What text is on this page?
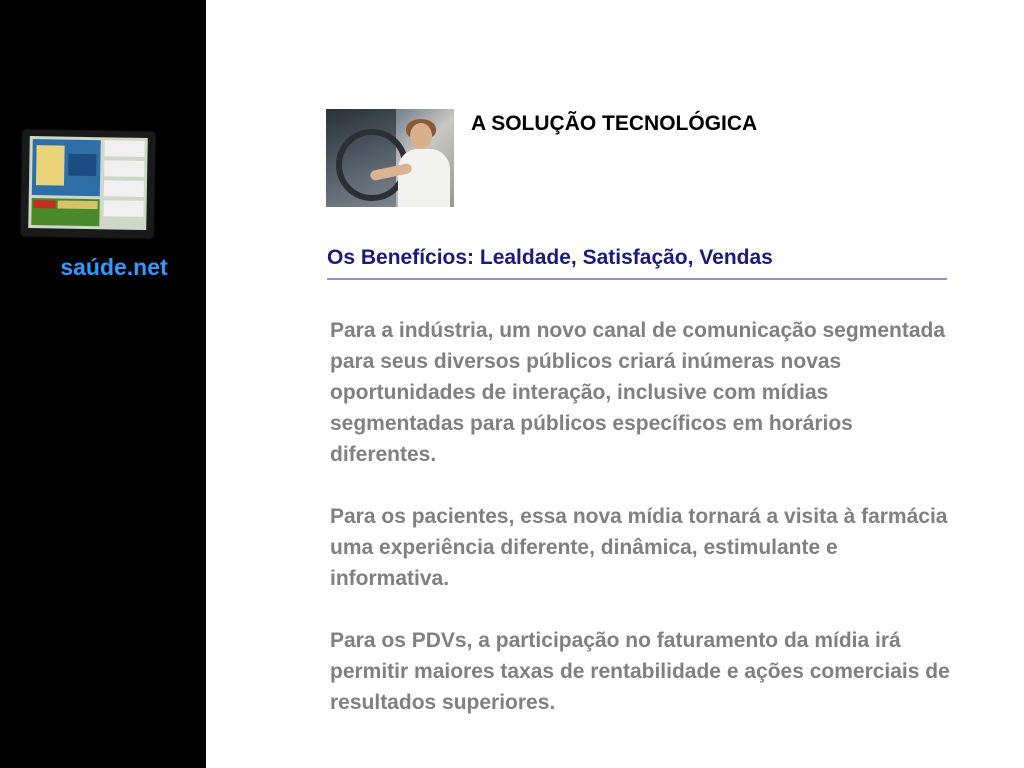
saúde.net
A SOLUÇÃO TECNOLÓGICA
Os Benefícios: Lealdade, Satisfação, Vendas

Para a indústria, um novo canal de comunicação segmentada para seus diversos públicos criará inúmeras novas oportunidades de interação, inclusive com mídias segmentadas para públicos específicos em horários diferentes.

Para os pacientes, essa nova mídia tornará a visita à farmácia uma experiência diferente, dinâmica, estimulante e informativa.

Para os PDVs, a participação no faturamento da mídia irá permitir maiores taxas de rentabilidade e ações comerciais de resultados superiores.
